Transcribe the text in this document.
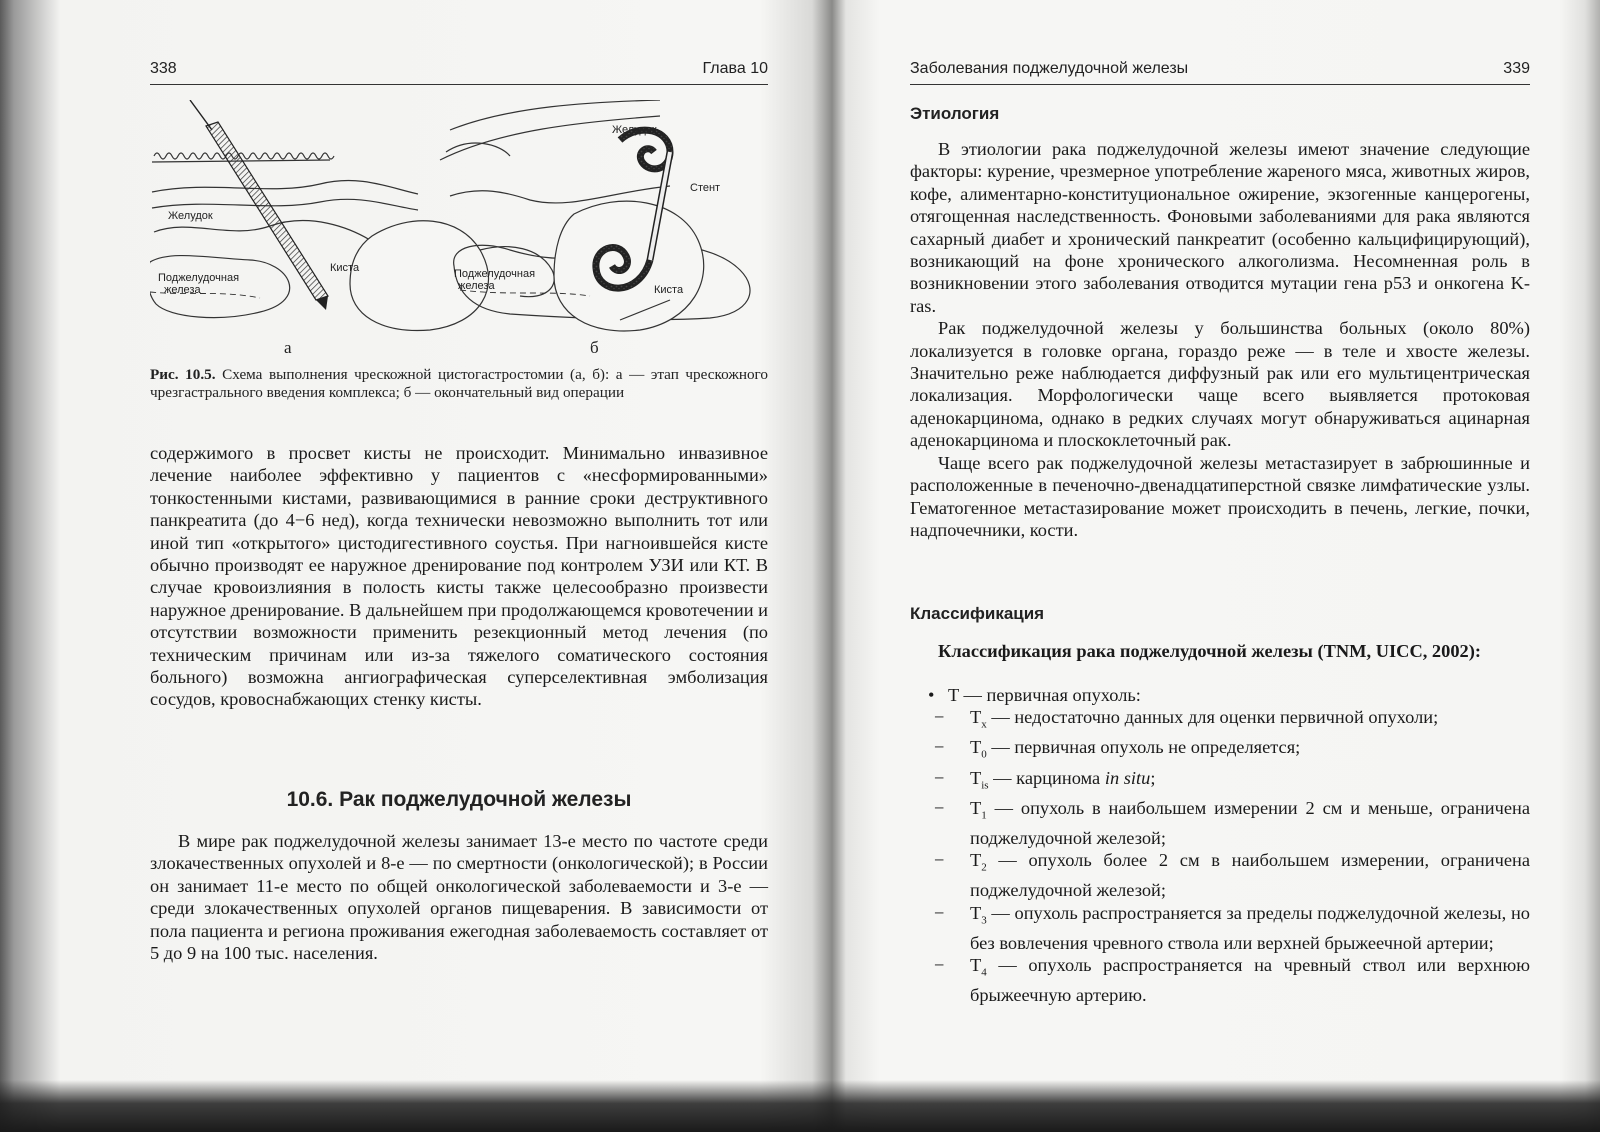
338	Глава 10
Желудок
Киста
Поджелудочная
железа
Желудок
Стент
Киста
Поджелудочная
железа
а	б
Рис. 10.5. Схема выполнения чрескожной цистогастростомии (а, б): а — этап чрескожного чрезгастрального введения комплекса; б — окончательный вид операции

содержимого в просвет кисты не происходит. Минимально инвазивное лечение наиболее эффективно у пациентов с «несформированными» тонкостенными кистами, развивающимися в ранние сроки деструктивного панкреатита (до 4−6 нед), когда технически невозможно выполнить тот или иной тип «открытого» цистодигестивного соустья. При нагноившейся кисте обычно производят ее наружное дренирование под контролем УЗИ или КТ. В случае кровоизлияния в полость кисты также целесообразно произвести наружное дренирование. В дальнейшем при продолжающемся кровотечении и отсутствии возможности применить резекционный метод лечения (по техническим причинам или из-за тяжелого соматического состояния больного) возможна ангиографическая суперселективная эмболизация сосудов, кровоснабжающих стенку кисты.

10.6. Рак поджелудочной железы

В мире рак поджелудочной железы занимает 13-е место по частоте среди злокачественных опухолей и 8-е — по смертности (онкологической); в России он занимает 11-е место по общей онкологической заболеваемости и 3-е — среди злокачественных опухолей органов пищеварения. В зависимости от пола пациента и региона проживания ежегодная заболеваемость составляет от 5 до 9 на 100 тыс. населения.

Заболевания поджелудочной железы	339
Этиология

В этиологии рака поджелудочной железы имеют значение следующие факторы: курение, чрезмерное употребление жареного мяса, животных жиров, кофе, алиментарно-конституциональное ожирение, экзогенные канцерогены, отягощенная наследственность. Фоновыми заболеваниями для рака являются сахарный диабет и хронический панкреатит (особенно кальцифицирующий), возникающий на фоне хронического алкоголизма. Несомненная роль в возникновении этого заболевания отводится мутации гена p53 и онкогена K-ras.

Рак поджелудочной железы у большинства больных (около 80%) локализуется в головке органа, гораздо реже — в теле и хвосте железы. Значительно реже наблюдается диффузный рак или его мультицентрическая локализация. Морфологически чаще всего выявляется протоковая аденокарцинома, однако в редких случаях могут обнаруживаться ацинарная аденокарцинома и плоскоклеточный рак.

Чаще всего рак поджелудочной железы метастазирует в забрюшинные и расположенные в печеночно-двенадцатиперстной связке лимфатические узлы. Гематогенное метастазирование может происходить в печень, легкие, почки, надпочечники, кости.

Классификация
Классификация рака поджелудочной железы (TNM, UICC, 2002):
• T — первичная опухоль:
− $T_x$ — недостаточно данных для оценки первичной опухоли;
− $T_0$ — первичная опухоль не определяется;
− $T_{is}$ — карцинома in situ;
− $T_1$ — опухоль в наибольшем измерении 2 см и меньше, ограничена поджелудочной железой;
− $T_2$ — опухоль более 2 см в наибольшем измерении, ограничена поджелудочной железой;
− $T_3$ — опухоль распространяется за пределы поджелудочной железы, но без вовлечения чревного ствола или верхней брыжеечной артерии;
− $T_4$ — опухоль распространяется на чревный ствол или верхнюю брыжеечную артерию.
